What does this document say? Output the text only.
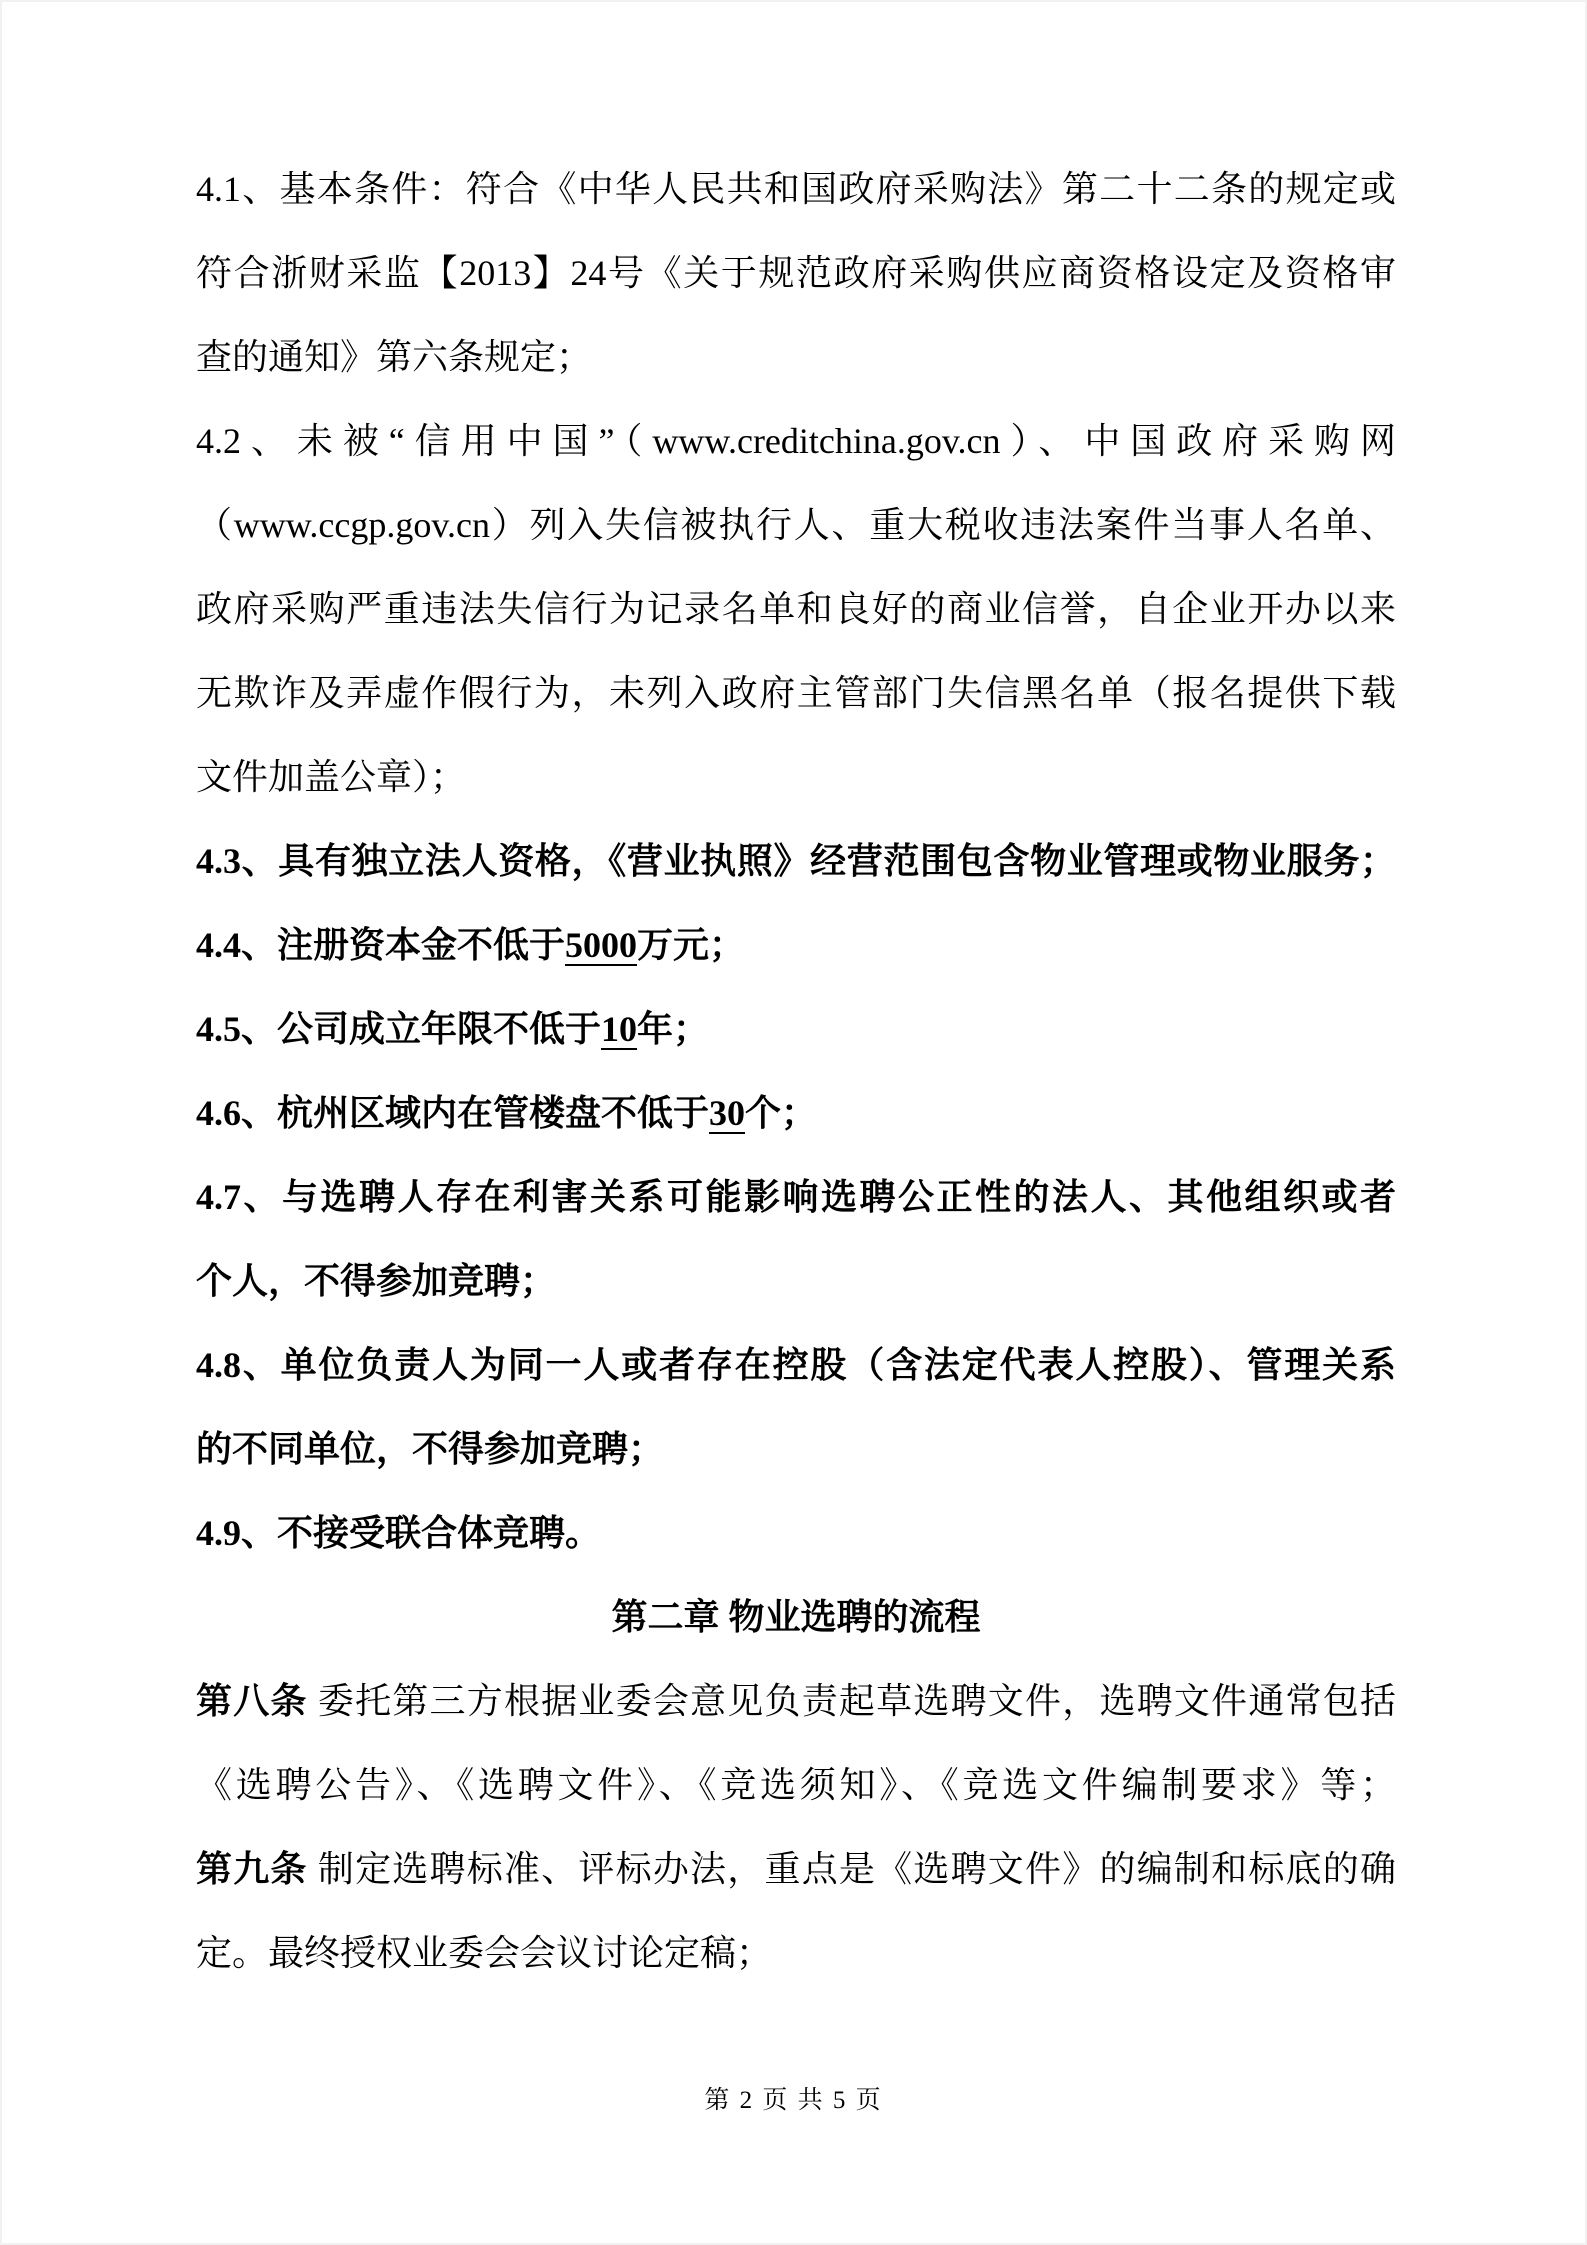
4.1、基本条件：符合《中华人民共和国政府采购法》第二十二条的规定或
符合浙财采监【2013】24号《关于规范政府采购供应商资格设定及资格审
查的通知》第六条规定；
4.2、未被“信用中国”（www.creditchina.gov.cn）、中国政府采购网
（www.ccgp.gov.cn）列入失信被执行人、重大税收违法案件当事人名单、
政府采购严重违法失信行为记录名单和良好的商业信誉，自企业开办以来
无欺诈及弄虚作假行为，未列入政府主管部门失信黑名单（报名提供下载
文件加盖公章）；
4.3、具有独立法人资格，《营业执照》经营范围包含物业管理或物业服务；
4.4、注册资本金不低于5000万元；
4.5、公司成立年限不低于10年；
4.6、杭州区域内在管楼盘不低于30个；
4.7、与选聘人存在利害关系可能影响选聘公正性的法人、其他组织或者
个人，不得参加竞聘；
4.8、单位负责人为同一人或者存在控股（含法定代表人控股）、管理关系
的不同单位，不得参加竞聘；
4.9、不接受联合体竞聘。
第二章 物业选聘的流程
第八条 委托第三方根据业委会意见负责起草选聘文件，选聘文件通常包括
《选聘公告》、《选聘文件》、《竞选须知》、《竞选文件编制要求》等；
第九条 制定选聘标准、评标办法，重点是《选聘文件》的编制和标底的确
定。最终授权业委会会议讨论定稿；
第 2 页 共 5 页
